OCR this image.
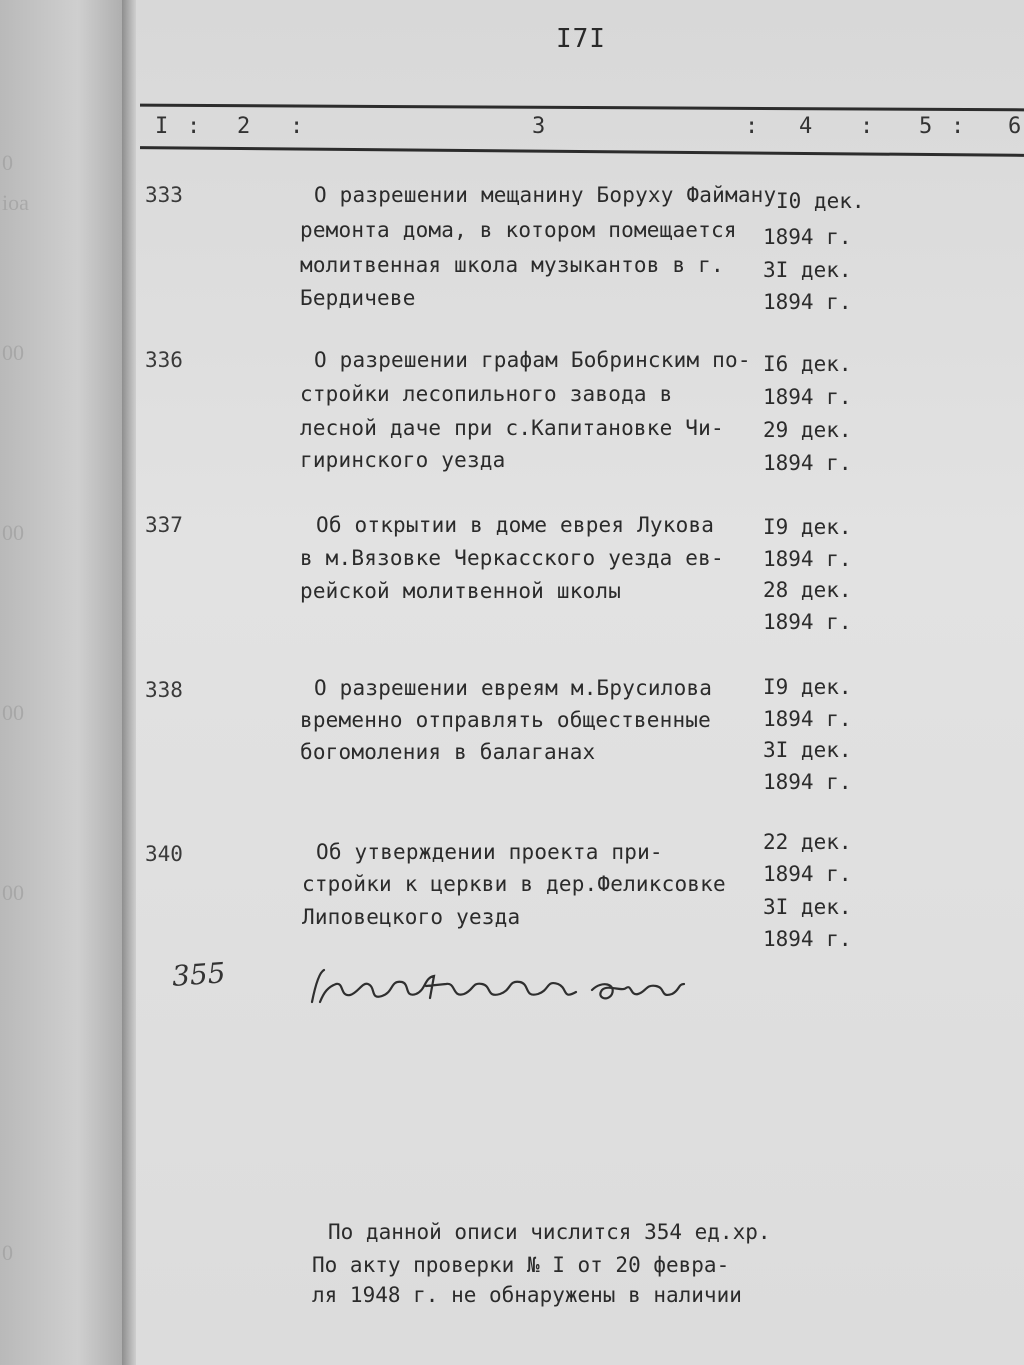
0
ioa
00
00
00
00
0
I7I
I : 2 :	3	: 4 : 5 : 6
333	О разрешении мещанину Боруху Файману
ремонта дома, в котором помещается
молитвенная школа музыкантов в г.
Бердичеве
I0 дек.
1894 г.
3I дек.
1894 г.
336	О разрешении графам Бобринским по-
стройки лесопильного завода в
лесной даче при с.Капитановке Чи-
гиринского уезда
I6 дек.
1894 г.
29 дек.
1894 г.
337	Об открытии в доме еврея Лукова
в м.Вязовке Черкасского уезда ев-
рейской молитвенной школы
I9 дек.
1894 г.
28 дек.
1894 г.
338	О разрешении евреям м.Брусилова
временно отправлять общественные
богомоления в балаганах
I9 дек.
1894 г.
3I дек.
1894 г.
340	Об утверждении проекта при-
стройки к церкви в дер.Феликсовке
Липовецкого уезда
22 дек.
1894 г.
3I дек.
1894 г.
355
По данной описи числится 354 ед.хр.
По акту проверки № I от 20 февра-
ля 1948 г. не обнаружены в наличии
